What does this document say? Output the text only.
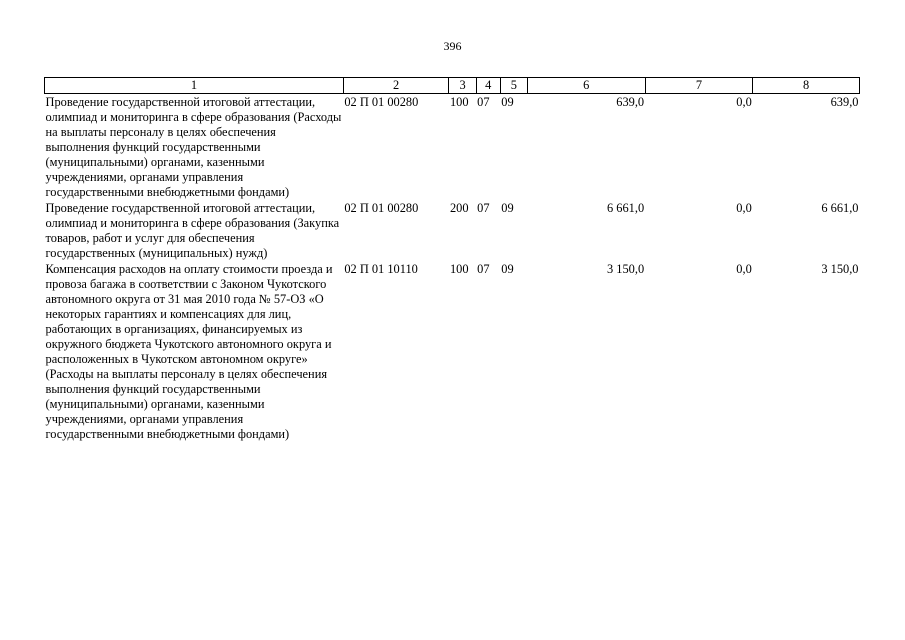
396
1	2	3	4	5	6	7	8
Проведение государственной итоговой аттестации, олимпиад и мониторинга в сфере образования (Расходы на выплаты персоналу в целях обеспечения выполнения функций государственными (муниципальными) органами, казенными учреждениями, органами управления государственными внебюджетными фондами)	02 П 01 00280	100	07	09	639,0	0,0	639,0
Проведение государственной итоговой аттестации, олимпиад и мониторинга в сфере образования (Закупка товаров, работ и услуг для обеспечения государственных (муниципальных) нужд)	02 П 01 00280	200	07	09	6 661,0	0,0	6 661,0
Компенсация расходов на оплату стоимости проезда и провоза багажа в соответствии с Законом Чукотского автономного округа от 31 мая 2010 года № 57-ОЗ «О некоторых гарантиях и компенсациях для лиц, работающих в организациях, финансируемых из окружного бюджета Чукотского автономного округа и расположенных в Чукотском автономном округе» (Расходы на выплаты персоналу в целях обеспечения выполнения функций государственными (муниципальными) органами, казенными учреждениями, органами управления государственными внебюджетными фондами)	02 П 01 10110	100	07	09	3 150,0	0,0	3 150,0
